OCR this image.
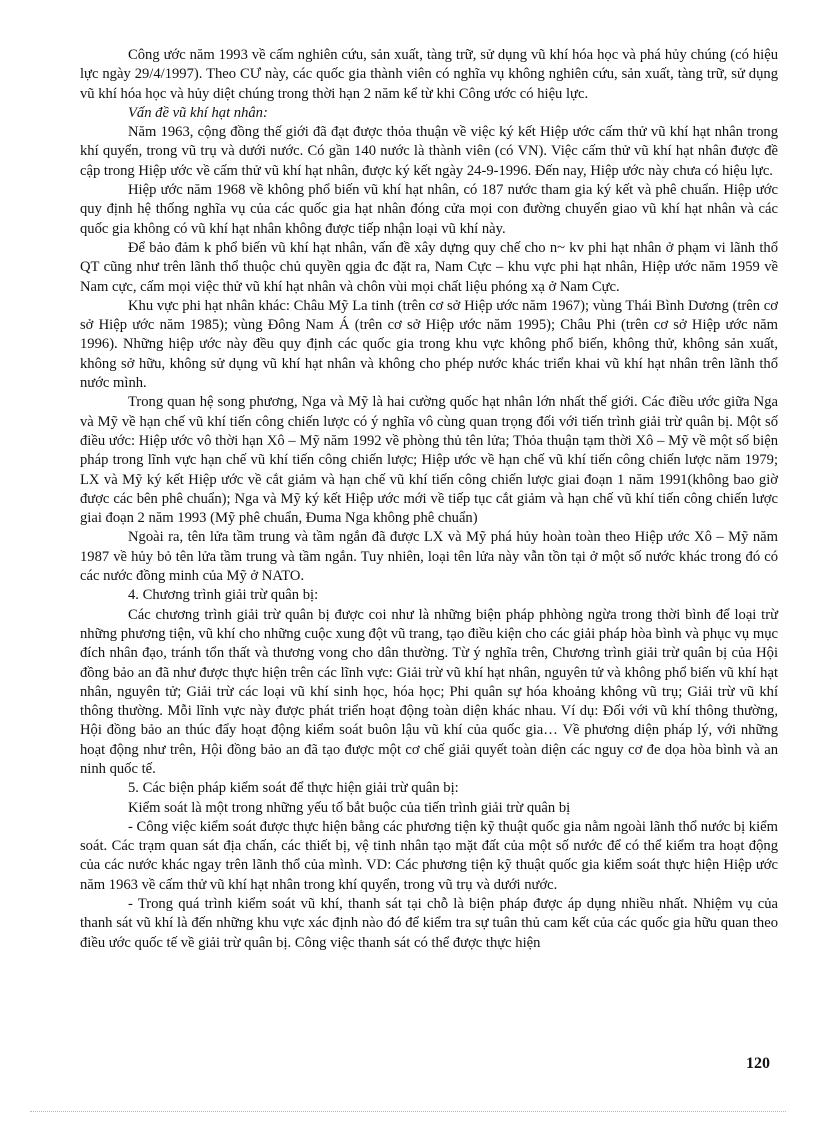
Công ước năm 1993 về cấm nghiên cứu, sản xuất, tàng trữ, sử dụng vũ khí hóa học và phá hủy chúng (có hiệu lực ngày 29/4/1997). Theo CƯ này, các quốc gia thành viên có nghĩa vụ không nghiên cứu, sản xuất, tàng trữ, sử dụng vũ khí hóa học và hủy diệt chúng trong thời hạn 2 năm kể từ khi Công ước có hiệu lực.

Vấn đề vũ khí hạt nhân:

Năm 1963, cộng đồng thế giới đã đạt được thỏa thuận về việc ký kết Hiệp ước cấm thử vũ khí hạt nhân trong khí quyển, trong vũ trụ và dưới nước. Có gần 140 nước là thành viên (có VN). Việc cấm thử vũ khí hạt nhân được đề cập trong Hiệp ước về cấm thử vũ khí hạt nhân, được ký kết ngày 24-9-1996. Đến nay, Hiệp ước này chưa có hiệu lực.

Hiệp ước năm 1968 về không phổ biến vũ khí hạt nhân, có 187 nước tham gia ký kết và phê chuẩn. Hiệp ước quy định hệ thống nghĩa vụ của các quốc gia hạt nhân đóng cửa mọi con đường chuyển giao vũ khí hạt nhân và các quốc gia không có vũ khí hạt nhân không được tiếp nhận loại vũ khí này.

Để bảo đảm k phổ biến vũ khí hạt nhân, vấn đề xây dựng quy chế cho n~ kv phi hạt nhân ở phạm vi lãnh thổ QT cũng như trên lãnh thổ thuộc chủ quyền qgia đc đặt ra, Nam Cực – khu vực phi hạt nhân, Hiệp ước năm 1959 về Nam cực, cấm mọi việc thử vũ khí hạt nhân và chôn vùi mọi chất liệu phóng xạ ở Nam Cực.

Khu vực phi hạt nhân khác: Châu Mỹ La tinh (trên cơ sở Hiệp ước năm 1967); vùng Thái Bình Dương (trên cơ sở Hiệp ước năm 1985); vùng Đông Nam Á (trên cơ sở Hiệp ước năm 1995); Châu Phi (trên cơ sở Hiệp ước năm 1996). Những hiệp ước này đều quy định các quốc gia trong khu vực không phổ biến, không thử, không sản xuất, không sở hữu, không sử dụng vũ khí hạt nhân và không cho phép nước khác triển khai vũ khí hạt nhân trên lãnh thổ nước mình.

Trong quan hệ song phương, Nga và Mỹ là hai cường quốc hạt nhân lớn nhất thế giới. Các điều ước giữa Nga và Mỹ về hạn chế vũ khí tiến công chiến lược có ý nghĩa vô cùng quan trọng đối với tiến trình giải trừ quân bị. Một số điều ước: Hiệp ước vô thời hạn Xô – Mỹ năm 1992 về phòng thủ tên lửa; Thỏa thuận tạm thời Xô – Mỹ về một số biện pháp trong lĩnh vực hạn chế vũ khí tiến công chiến lược; Hiệp ước về hạn chế vũ khí tiến công chiến lược năm 1979; LX và Mỹ ký kết Hiệp ước về cắt giảm và hạn chế vũ khí tiến công chiến lược giai đoạn 1 năm 1991(không bao giờ được các bên phê chuẩn); Nga và Mỹ ký kết Hiệp ước mới về tiếp tục cắt giảm và hạn chế vũ khí tiến công chiến lược giai đoạn 2 năm 1993 (Mỹ phê chuẩn, Đuma Nga không phê chuẩn)

Ngoài ra, tên lửa tầm trung và tầm ngắn đã được LX và Mỹ phá hủy hoàn toàn theo Hiệp ước Xô – Mỹ năm 1987 về hủy bỏ tên lửa tầm trung và tầm ngắn. Tuy nhiên, loại tên lửa này vẫn tồn tại ở một số nước khác trong đó có các nước đồng minh của Mỹ ở NATO.

4. Chương trình giải trừ quân bị:

Các chương trình giải trừ quân bị được coi như là những biện pháp phhòng ngừa trong thời bình để loại trừ những phương tiện, vũ khí cho những cuộc xung đột vũ trang, tạo điều kiện cho các giải pháp hòa bình và phục vụ mục đích nhân đạo, tránh tổn thất và thương vong cho dân thường. Từ ý nghĩa trên, Chương trình giải trừ quân bị của Hội đồng bảo an đã như được thực hiện trên các lĩnh vực: Giải trừ vũ khí hạt nhân, nguyên tử và không phổ biến vũ khí hạt nhân, nguyên tử; Giải trừ các loại vũ khí sinh học, hóa học; Phi quân sự hóa khoảng không vũ trụ; Giải trừ vũ khí thông thường. Mỗi lĩnh vực này được phát triển hoạt động toàn diện khác nhau. Ví dụ: Đối với vũ khí thông thường, Hội đồng bảo an thúc đẩy hoạt động kiểm soát buôn lậu vũ khí của quốc gia… Về phương diện pháp lý, với những hoạt động như trên, Hội đồng bảo an đã tạo được một cơ chế giải quyết toàn diện các nguy cơ đe dọa hòa bình và an ninh quốc tế.

5. Các biện pháp kiểm soát để thực hiện giải trừ quân bị:

Kiểm soát là một trong những yếu tố bắt buộc của tiến trình giải trừ quân bị

- Công việc kiểm soát được thực hiện bằng các phương tiện kỹ thuật quốc gia nằm ngoài lãnh thổ nước bị kiểm soát. Các trạm quan sát địa chấn, các thiết bị, vệ tinh nhân tạo mặt đất của một số nước để có thể kiểm tra hoạt động của các nước khác ngay trên lãnh thổ của mình. VD: Các phương tiện kỹ thuật quốc gia kiểm soát thực hiện Hiệp ước năm 1963 về cấm thử vũ khí hạt nhân trong khí quyển, trong vũ trụ và dưới nước.

- Trong quá trình kiểm soát vũ khí, thanh sát tại chỗ là biện pháp được áp dụng nhiều nhất. Nhiệm vụ của thanh sát vũ khí là đến những khu vực xác định nào đó để kiểm tra sự tuân thủ cam kết của các quốc gia hữu quan theo điều ước quốc tế về giải trừ quân bị. Công việc thanh sát có thể được thực hiện

120
